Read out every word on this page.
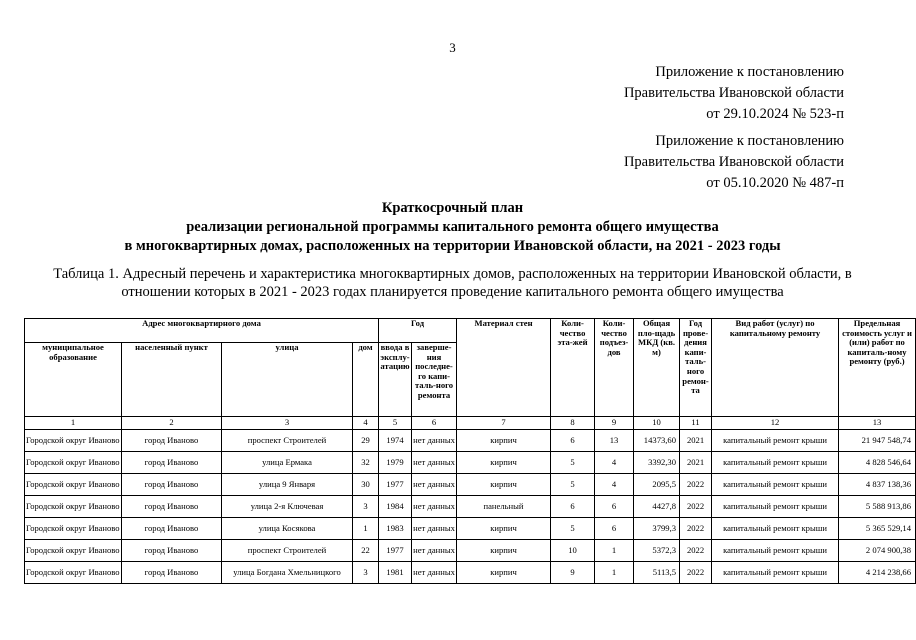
3
Приложение к постановлению
Правительства Ивановской области
от 29.10.2024 № 523-п
Приложение к постановлению
Правительства Ивановской области
от 05.10.2020 № 487-п
Краткосрочный план
реализации региональной программы капитального ремонта общего имущества
в многоквартирных домах, расположенных на территории Ивановской области, на 2021 - 2023 годы
Таблица 1. Адресный перечень и характеристика многоквартирных домов, расположенных на территории Ивановской области, в отношении которых в 2021 - 2023 годах планируется проведение капитального ремонта общего имущества
Адрес многоквартирного дома				Год		Материал стен	Коли-чество эта-жей	Коли-чество подъез-дов	Общая пло-щадь МКД (кв. м)	Год прове-дения капи-таль-ного ремон-та	Вид работ (услуг) по капитальному ремонту	Предельная стоимость услуг и (или) работ по капиталь-ному ремонту (руб.)
муниципальное образование	населенный пункт	улица	дом	ввода в эксплу-атацию	заверше-ния последне-го капи-таль-ного ремонта							
1	2	3	4	5	6	7	8	9	10	11	12	13
Городской округ Иваново	город Иваново	проспект Строителей	29	1974	нет данных	кирпич	6	13	14373,60	2021	капитальный ремонт крыши	21 947 548,74
Городской округ Иваново	город Иваново	улица Ермака	32	1979	нет данных	кирпич	5	4	3392,30	2021	капитальный ремонт крыши	4 828 546,64
Городской округ Иваново	город Иваново	улица 9 Января	30	1977	нет данных	кирпич	5	4	2095,5	2022	капитальный ремонт крыши	4 837 138,36
Городской округ Иваново	город Иваново	улица 2-я Ключевая	3	1984	нет данных	панельный	6	6	4427,8	2022	капитальный ремонт крыши	5 588 913,86
Городской округ Иваново	город Иваново	улица Косякова	1	1983	нет данных	кирпич	5	6	3799,3	2022	капитальный ремонт крыши	5 365 529,14
Городской округ Иваново	город Иваново	проспект Строителей	22	1977	нет данных	кирпич	10	1	5372,3	2022	капитальный ремонт крыши	2 074 900,38
Городской округ Иваново	город Иваново	улица Богдана Хмельницкого	3	1981	нет данных	кирпич	9	1	5113,5	2022	капитальный ремонт крыши	4 214 238,66
